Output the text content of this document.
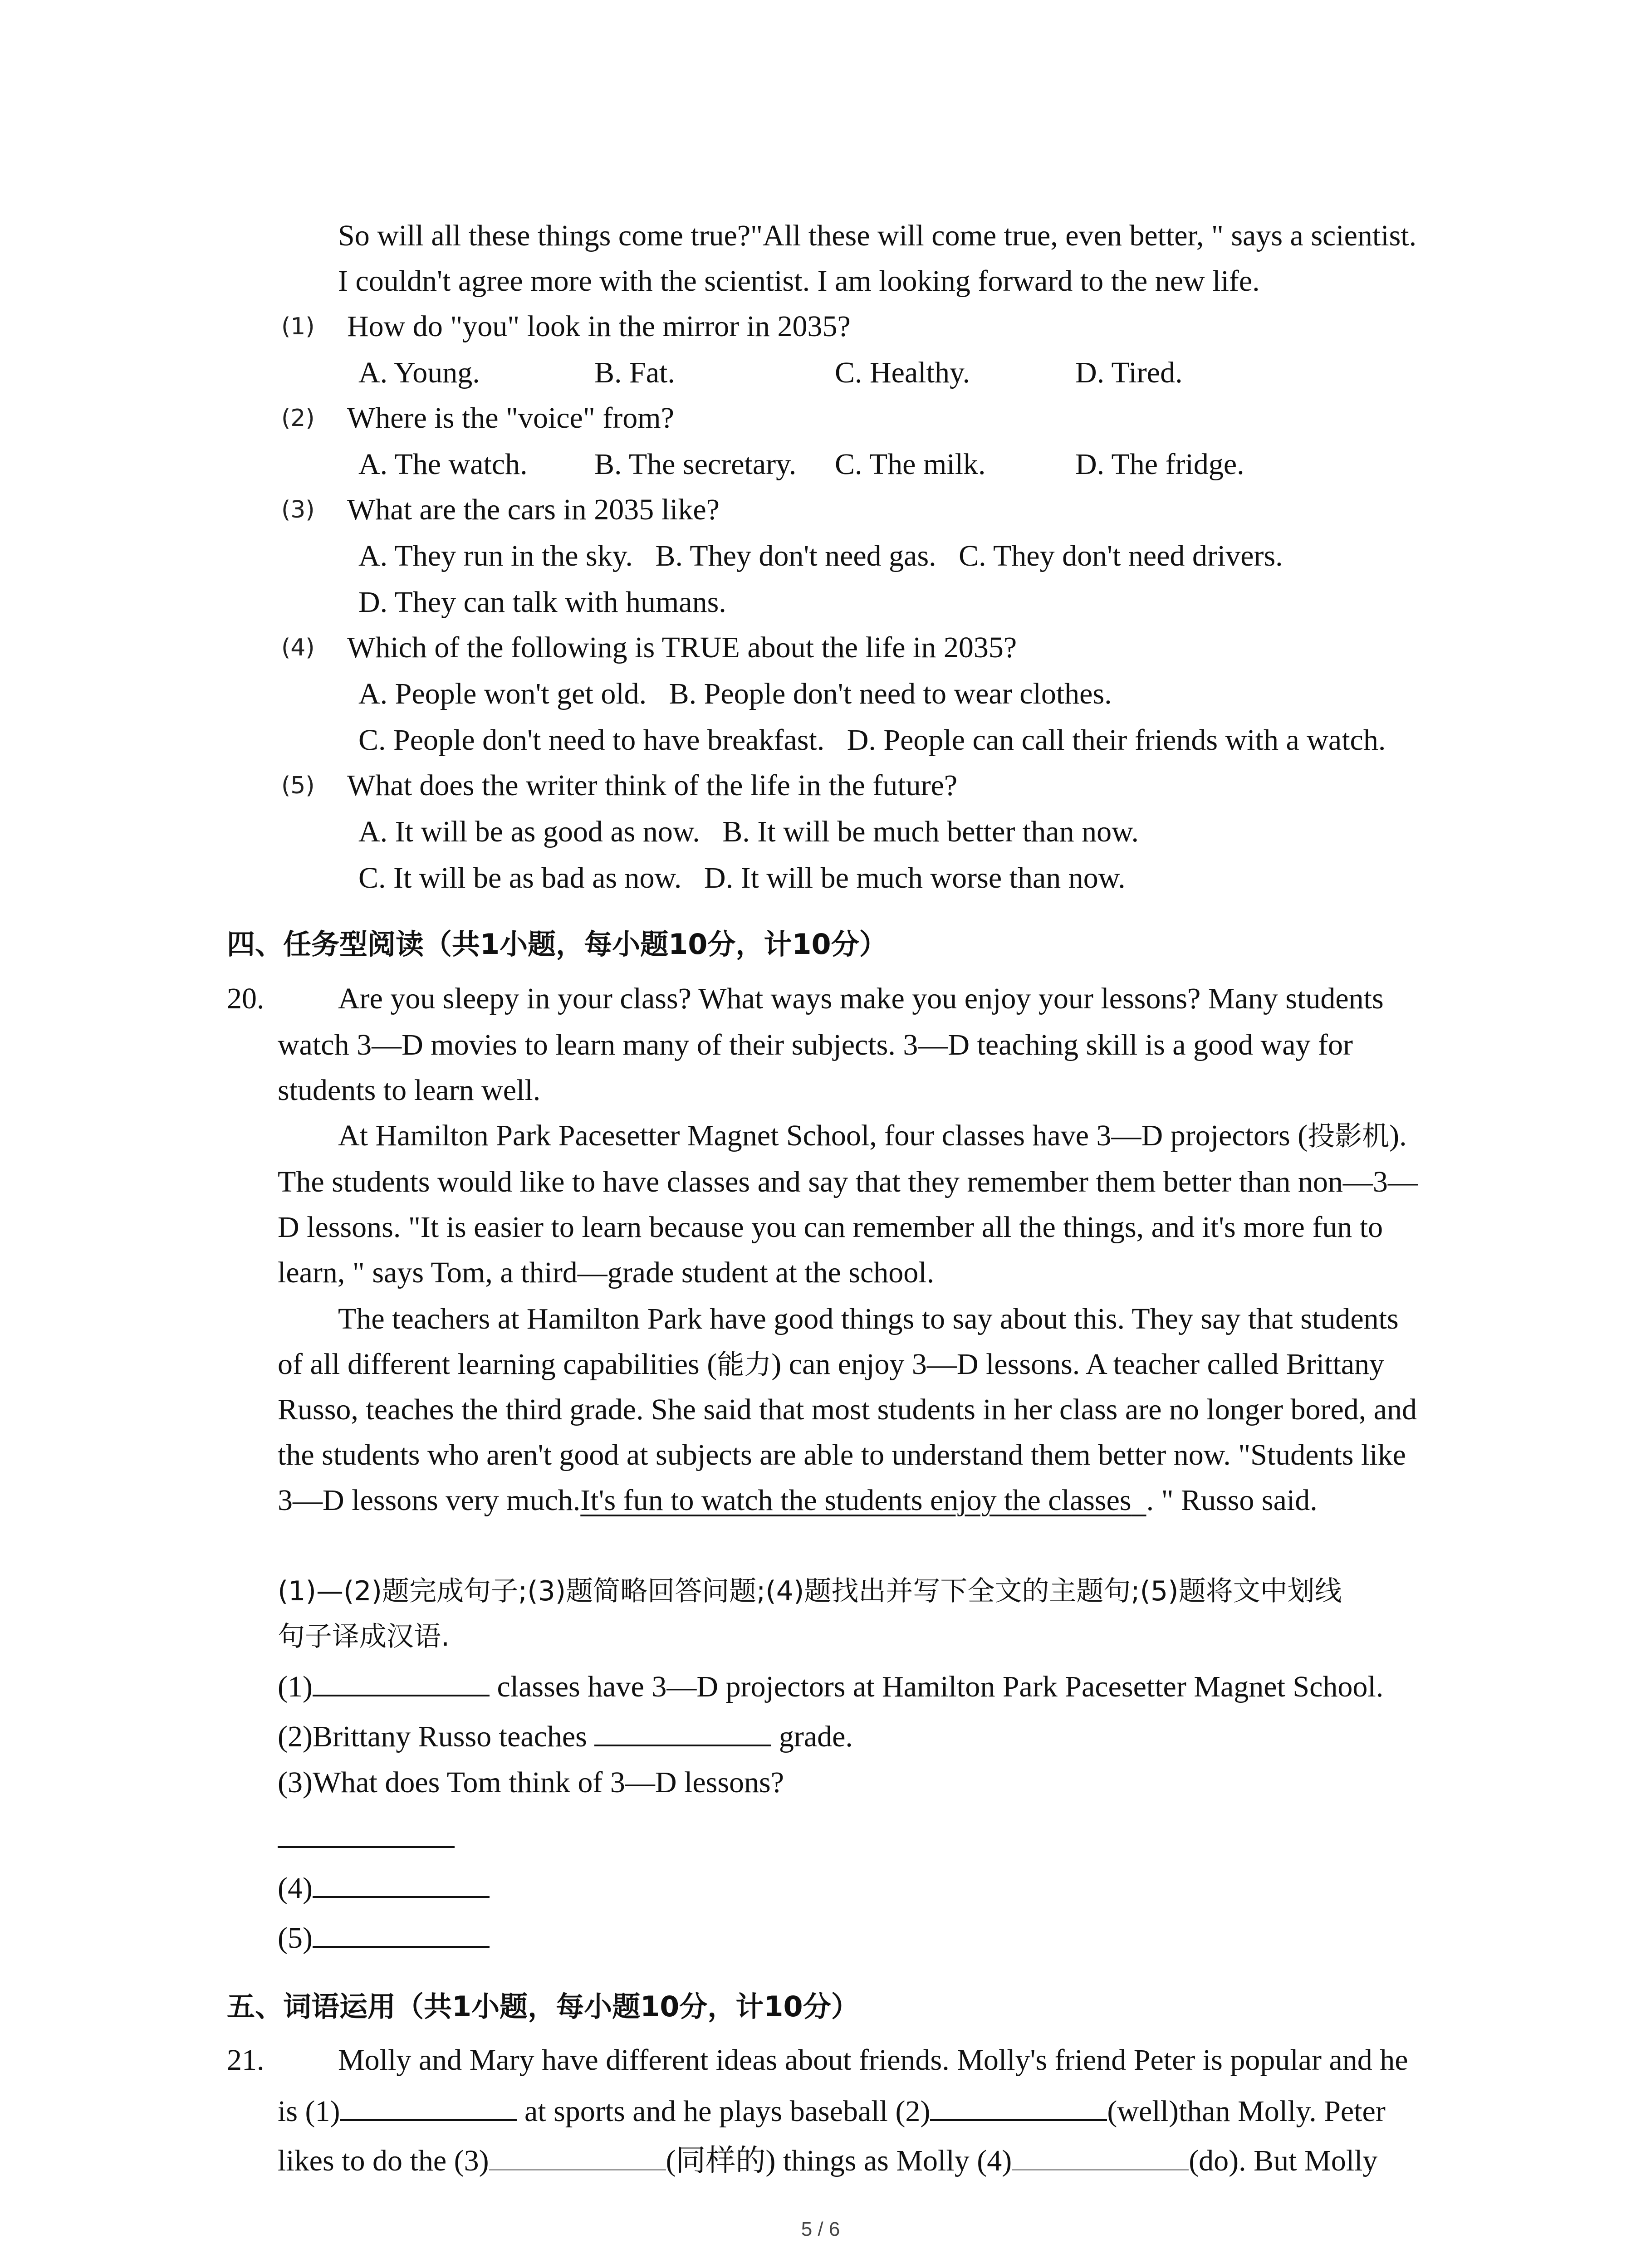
So will all these things come true?"All these will come true, even better, " says a scientist.
I couldn't agree more with the scientist. I am looking forward to the new life.
(1) How do "you" look in the mirror in 2035?
A. Young.	B. Fat.	C. Healthy.	D. Tired.
(2) Where is the "voice" from?
A. The watch. B. The secretary. C. The milk.	D. The fridge.
(3) What are the cars in 2035 like?
A. They run in the sky.   B. They don't need gas.   C. They don't need drivers.
D. They can talk with humans.
(4) Which of the following is TRUE about the life in 2035?
A. People won't get old.   B. People don't need to wear clothes.
C. People don't need to have breakfast.   D. People can call their friends with a watch.
(5) What does the writer think of the life in the future?
A. It will be as good as now.   B. It will be much better than now.
C. It will be as bad as now.   D. It will be much worse than now.
四、任务型阅读（共1小题，每小题10分，计10分）
20. Are you sleepy in your class? What ways make you enjoy your lessons? Many students
watch 3—D movies to learn many of their subjects. 3—D teaching skill is a good way for
students to learn well.
At Hamilton Park Pacesetter Magnet School, four classes have 3—D projectors (投影机).
The students would like to have classes and say that they remember them better than non—3—
D lessons. "It is easier to learn because you can remember all the things, and it's more fun to
learn, " says Tom, a third—grade student at the school.
The teachers at Hamilton Park have good things to say about this. They say that students
of all different learning capabilities (能力) can enjoy 3—D lessons. A teacher called Brittany
Russo, teaches the third grade. She said that most students in her class are no longer bored, and
the students who aren't good at subjects are able to understand them better now. "Students like
3—D lessons very much.It's fun to watch the students enjoy the classes  . " Russo said.
(1)—(2)题完成句子;(3)题简略回答问题;(4)题找出并写下全文的主题句;(5)题将文中划线
句子译成汉语.
(1)	classes have 3—D projectors at Hamilton Park Pacesetter Magnet School.
(2)Brittany Russo teaches	grade.
(3)What does Tom think of 3—D lessons?
(4)
(5)
五、词语运用（共1小题，每小题10分，计10分）
21. Molly and Mary have different ideas about friends. Molly's friend Peter is popular and he
is (1)	at sports and he plays baseball (2)	(well)than Molly. Peter
likes to do the (3)	(同样的) things as Molly (4)	(do). But Molly
5 / 6
